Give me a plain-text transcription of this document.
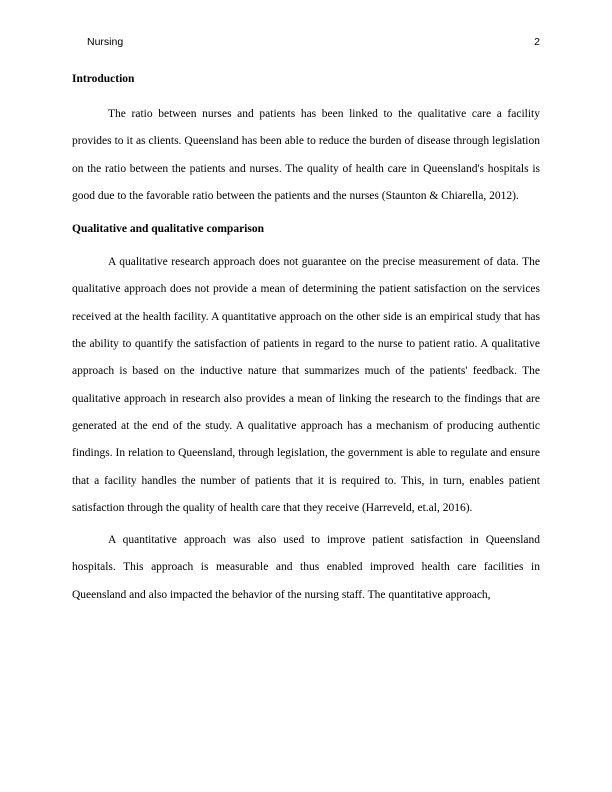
Nursing	2
Introduction

The ratio between nurses and patients has been linked to the qualitative care a facility provides to it as clients. Queensland has been able to reduce the burden of disease through legislation on the ratio between the patients and nurses. The quality of health care in Queensland's hospitals is good due to the favorable ratio between the patients and the nurses (Staunton & Chiarella, 2012).

Qualitative and qualitative comparison

A qualitative research approach does not guarantee on the precise measurement of data. The qualitative approach does not provide a mean of determining the patient satisfaction on the services received at the health facility. A quantitative approach on the other side is an empirical study that has the ability to quantify the satisfaction of patients in regard to the nurse to patient ratio. A qualitative approach is based on the inductive nature that summarizes much of the patients' feedback. The qualitative approach in research also provides a mean of linking the research to the findings that are generated at the end of the study. A qualitative approach has a mechanism of producing authentic findings. In relation to Queensland, through legislation, the government is able to regulate and ensure that a facility handles the number of patients that it is required to. This, in turn, enables patient satisfaction through the quality of health care that they receive (Harreveld, et.al, 2016).

A quantitative approach was also used to improve patient satisfaction in Queensland hospitals. This approach is measurable and thus enabled improved health care facilities in Queensland and also impacted the behavior of the nursing staff. The quantitative approach,
